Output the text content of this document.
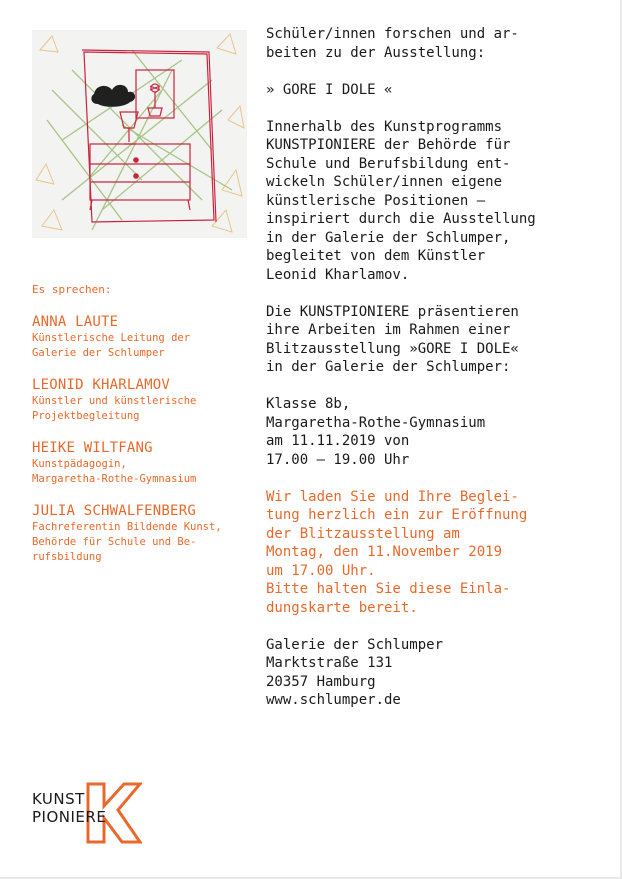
Es sprechen:
ANNA LAUTE
Künstlerische Leitung der
Galerie der Schlumper
LEONID KHARLAMOV
Künstler und künstlerische
Projektbegleitung
HEIKE WILTFANG
Kunstpädagogin,
Margaretha-Rothe-Gymnasium
JULIA SCHWALFENBERG
Fachreferentin Bildende Kunst,
Behörde für Schule und Be-
rufsbildung

Schüler/innen forschen und ar-
beiten zu der Ausstellung:

» GORE I DOLE «

Innerhalb des Kunstprogramms
KUNSTPIONIERE der Behörde für
Schule und Berufsbildung ent-
wickeln Schüler/innen eigene
künstlerische Positionen –
inspiriert durch die Ausstellung
in der Galerie der Schlumper,
begleitet von dem Künstler
Leonid Kharlamov.

Die KUNSTPIONIERE präsentieren
ihre Arbeiten im Rahmen einer
Blitzausstellung »GORE I DOLE«
in der Galerie der Schlumper:

Klasse 8b,
Margaretha-Rothe-Gymnasium
am 11.11.2019 von
17.00 – 19.00 Uhr

Wir laden Sie und Ihre Beglei-
tung herzlich ein zur Eröffnung
der Blitzausstellung am
Montag, den 11.November 2019
um 17.00 Uhr.
Bitte halten Sie diese Einla-
dungskarte bereit.

Galerie der Schlumper
Marktstraße 131
20357 Hamburg
www.schlumper.de

KUNST
PIONIERE
